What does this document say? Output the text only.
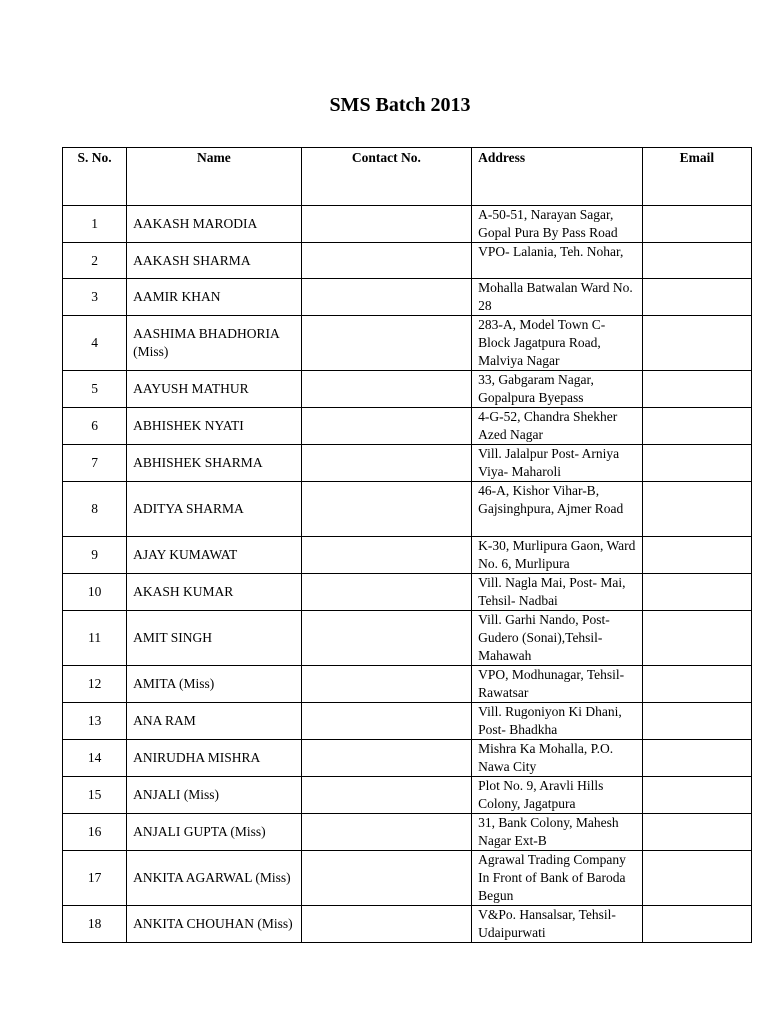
SMS Batch 2013
S. No.	Name	Contact No.	Address	Email
1	AAKASH MARODIA		A-50-51, Narayan Sagar, Gopal Pura By Pass Road	
2	AAKASH SHARMA		VPO- Lalania, Teh. Nohar,	
3	AAMIR KHAN		Mohalla Batwalan Ward No. 28	
4	AASHIMA BHADHORIA (Miss)		283-A, Model Town C-Block Jagatpura Road, Malviya Nagar	
5	AAYUSH MATHUR		33, Gabgaram Nagar, Gopalpura Byepass	
6	ABHISHEK NYATI		4-G-52, Chandra Shekher Azed Nagar	
7	ABHISHEK SHARMA		Vill. Jalalpur Post- Arniya Viya- Maharoli	
8	ADITYA SHARMA		46-A, Kishor Vihar-B, Gajsinghpura, Ajmer Road	
9	AJAY KUMAWAT		K-30, Murlipura Gaon, Ward No. 6, Murlipura	
10	AKASH KUMAR		Vill. Nagla Mai, Post- Mai, Tehsil- Nadbai	
11	AMIT SINGH		Vill. Garhi Nando, Post- Gudero (Sonai),Tehsil- Mahawah	
12	AMITA (Miss)		VPO, Modhunagar, Tehsil- Rawatsar	
13	ANA RAM		Vill. Rugoniyon Ki Dhani, Post- Bhadkha	
14	ANIRUDHA MISHRA		Mishra Ka Mohalla, P.O. Nawa City	
15	ANJALI (Miss)		Plot No. 9, Aravli Hills Colony, Jagatpura	
16	ANJALI GUPTA (Miss)		31, Bank Colony, Mahesh Nagar Ext-B	
17	ANKITA AGARWAL (Miss)		Agrawal Trading Company In Front of Bank of Baroda Begun	
18	ANKITA CHOUHAN (Miss)		V&Po. Hansalsar, Tehsil- Udaipurwati	
